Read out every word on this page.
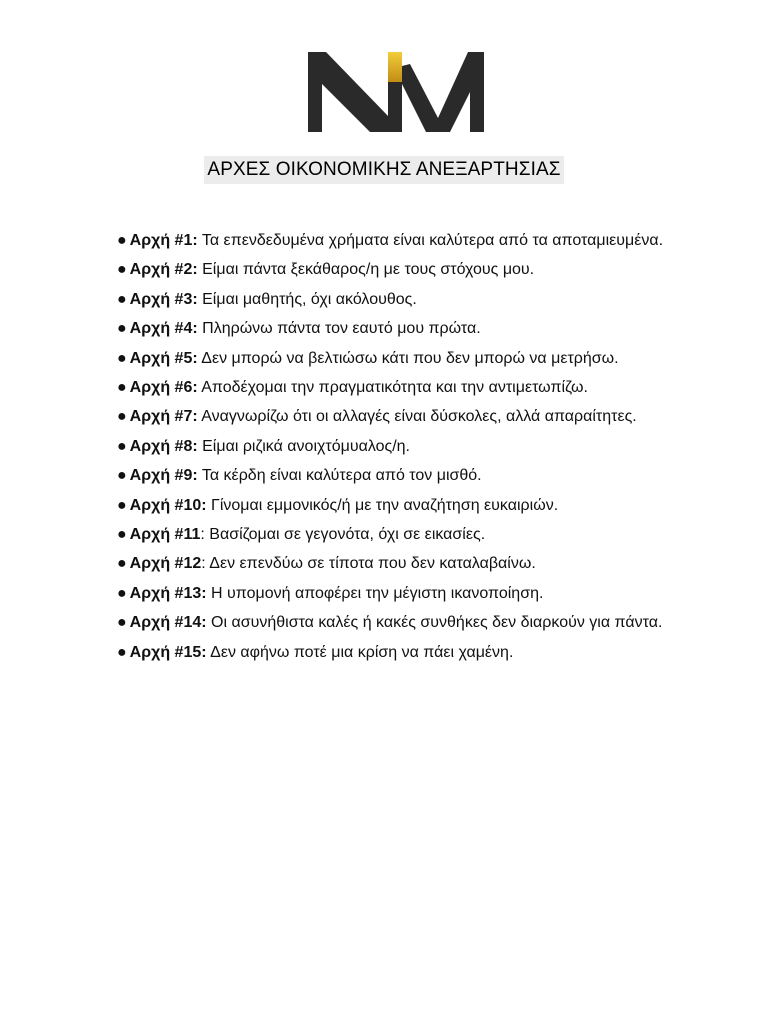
ΑΡΧΕΣ ΟΙΚΟΝΟΜΙΚΗΣ ΑΝΕΞΑΡΤΗΣΙΑΣ
● Αρχή #1: Τα επενδεδυμένα χρήματα είναι καλύτερα από τα αποταμιευμένα.
● Αρχή #2: Είμαι πάντα ξεκάθαρος/η με τους στόχους μου.
● Αρχή #3: Είμαι μαθητής, όχι ακόλουθος.
● Αρχή #4: Πληρώνω πάντα τον εαυτό μου πρώτα.
● Αρχή #5: Δεν μπορώ να βελτιώσω κάτι που δεν μπορώ να μετρήσω.
● Αρχή #6: Αποδέχομαι την πραγματικότητα και την αντιμετωπίζω.
● Αρχή #7: Αναγνωρίζω ότι οι αλλαγές είναι δύσκολες, αλλά απαραίτητες.
● Αρχή #8: Είμαι ριζικά ανοιχτόμυαλος/η.
● Αρχή #9: Τα κέρδη είναι καλύτερα από τον μισθό.
● Αρχή #10: Γίνομαι εμμονικός/ή με την αναζήτηση ευκαιριών.
● Αρχή #11: Βασίζομαι σε γεγονότα, όχι σε εικασίες.
● Αρχή #12: Δεν επενδύω σε τίποτα που δεν καταλαβαίνω.
● Αρχή #13: Η υπομονή αποφέρει την μέγιστη ικανοποίηση.
● Αρχή #14: Οι ασυνήθιστα καλές ή κακές συνθήκες δεν διαρκούν για πάντα.
● Αρχή #15: Δεν αφήνω ποτέ μια κρίση να πάει χαμένη.
